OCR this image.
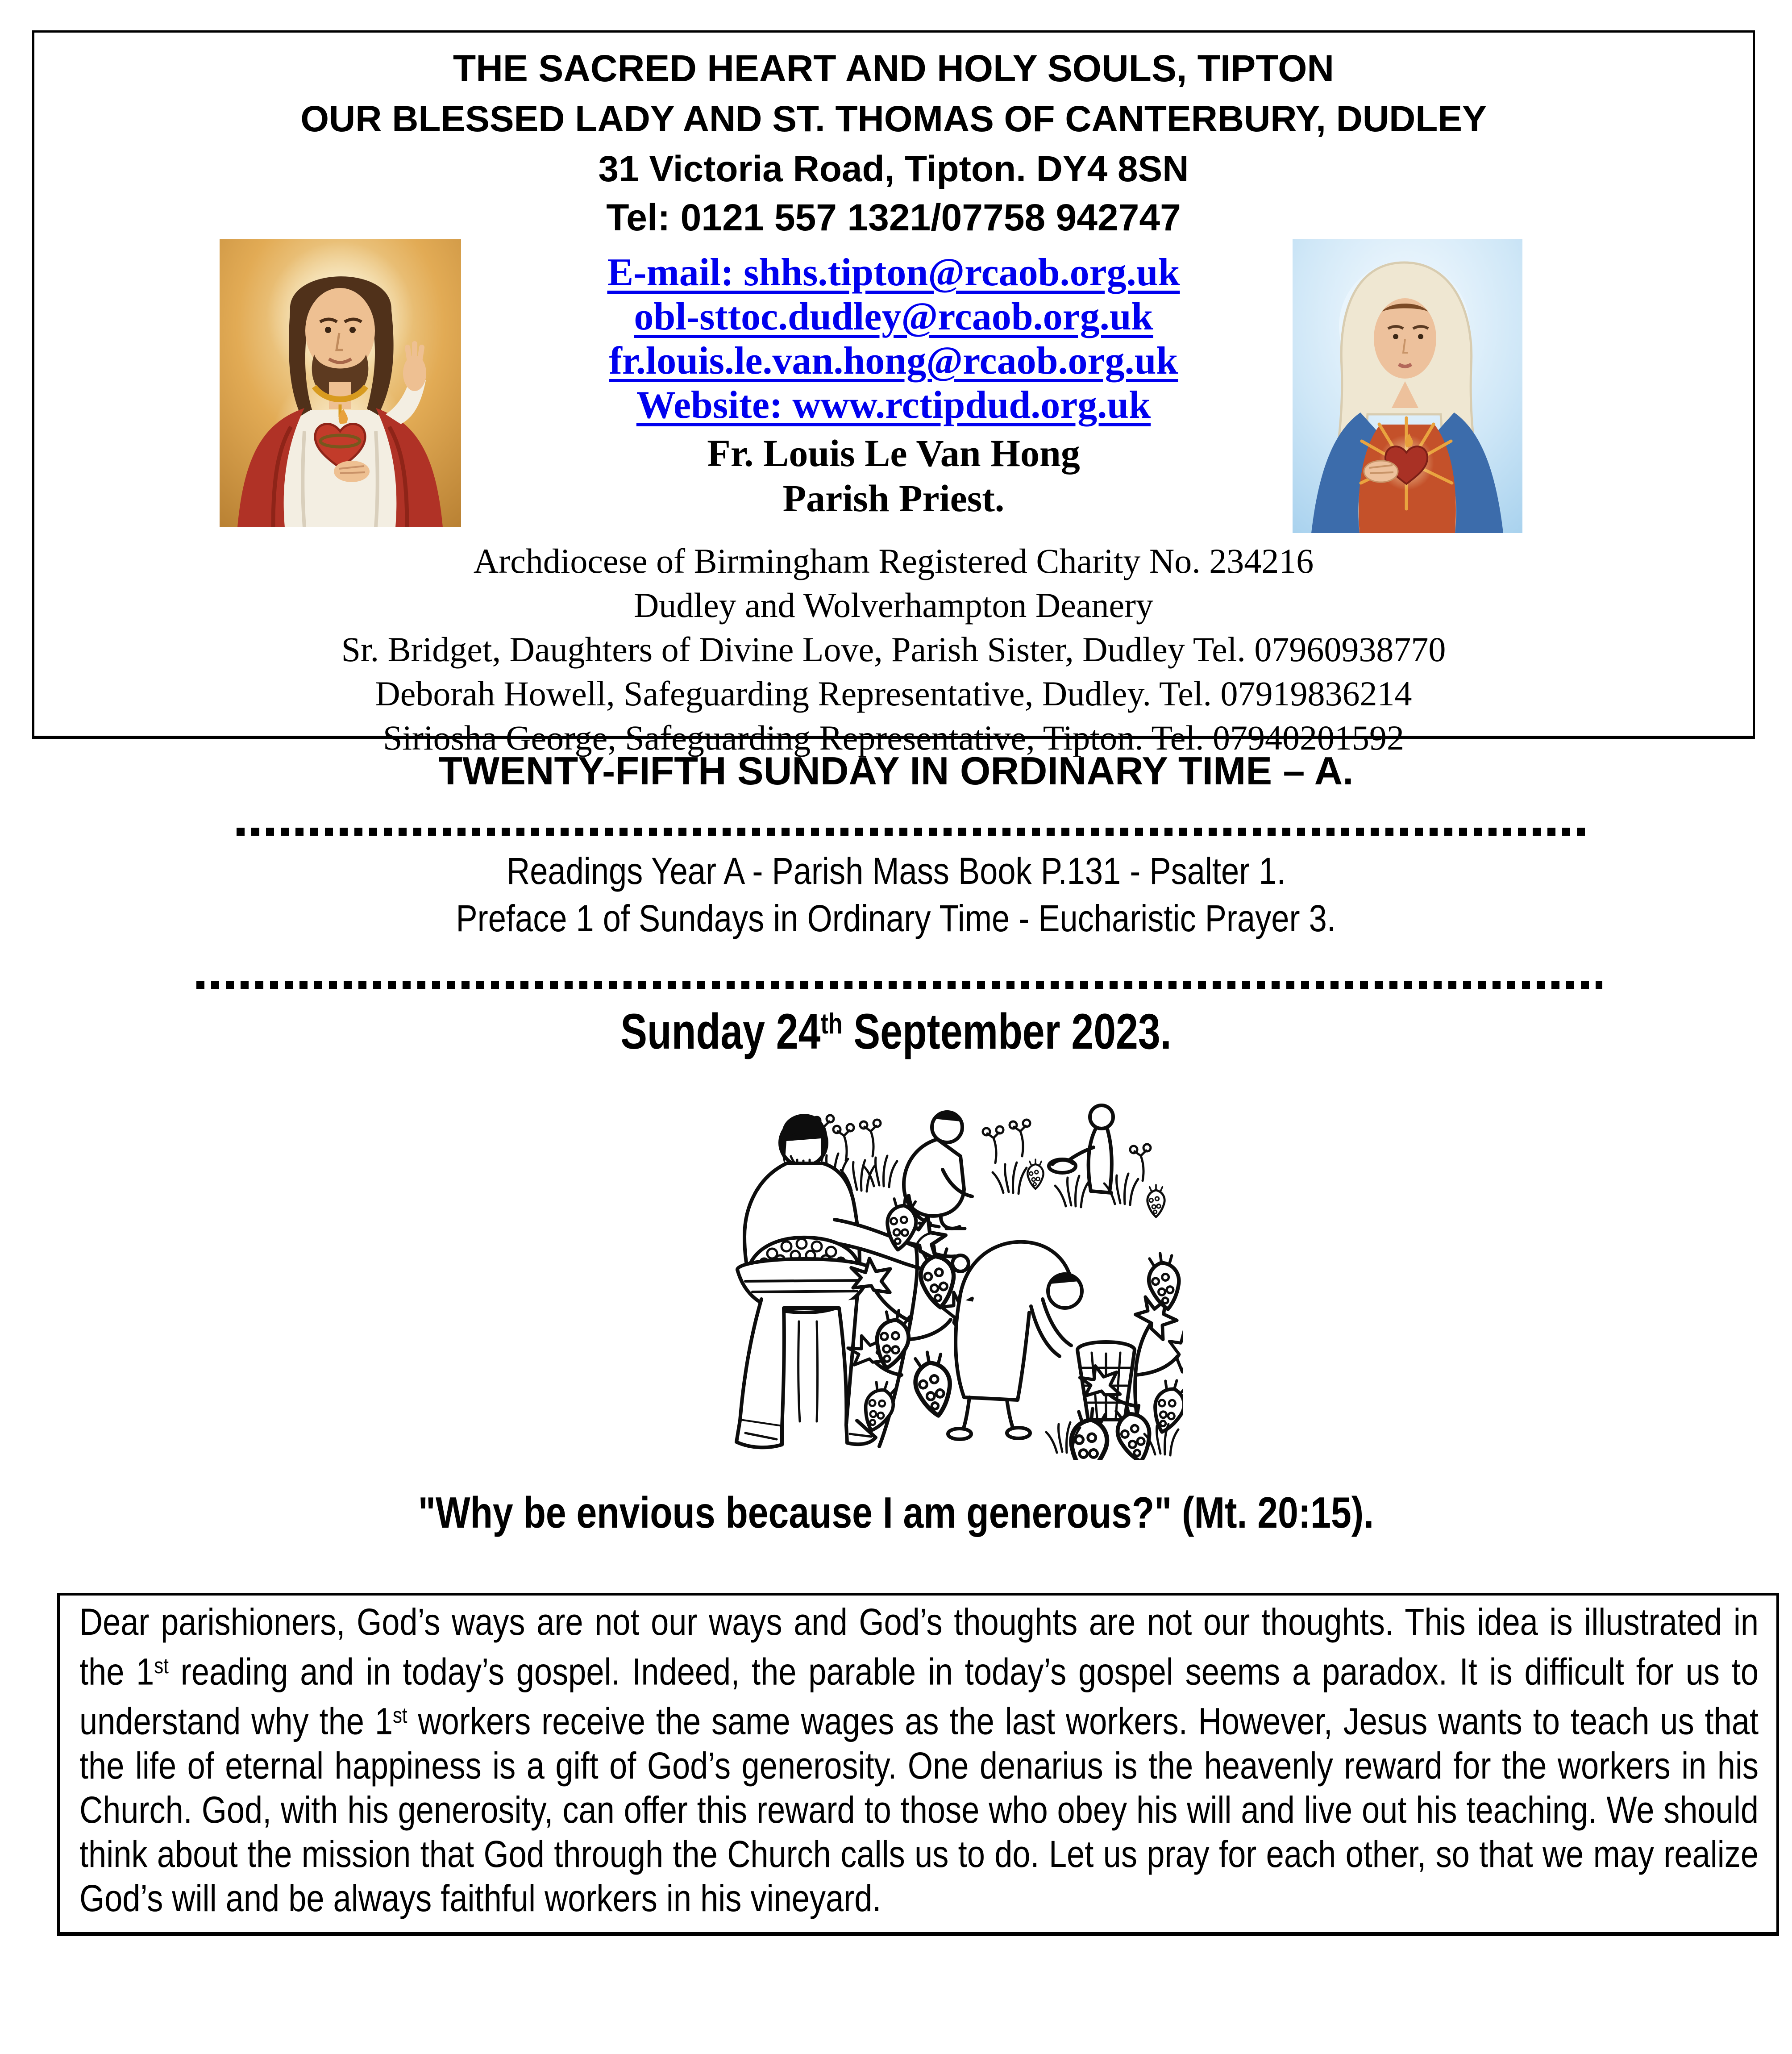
THE SACRED HEART AND HOLY SOULS, TIPTON
OUR BLESSED LADY AND ST. THOMAS OF CANTERBURY, DUDLEY
31 Victoria Road, Tipton. DY4 8SN
Tel: 0121 557 1321/07758 942747
E-mail: shhs.tipton@rcaob.org.uk
obl-sttoc.dudley@rcaob.org.uk
fr.louis.le.van.hong@rcaob.org.uk
Website: www.rctipdud.org.uk
Fr. Louis Le Van Hong
Parish Priest.
Archdiocese of Birmingham Registered Charity No. 234216
Dudley and Wolverhampton Deanery
Sr. Bridget, Daughters of Divine Love, Parish Sister, Dudley Tel. 07960938770
Deborah Howell, Safeguarding Representative, Dudley. Tel. 07919836214
Siriosha George, Safeguarding Representative, Tipton. Tel. 07940201592
TWENTY-FIFTH SUNDAY IN ORDINARY TIME – A.
Readings Year A - Parish Mass Book P.131 - Psalter 1.
Preface 1 of Sundays in Ordinary Time - Eucharistic Prayer 3.
Sunday 24th September 2023.
"Why be envious because I am generous?" (Mt. 20:15).
Dear parishioners, God’s ways are not our ways and God’s thoughts are not our thoughts. This idea is illustrated in the 1st reading and in today’s gospel. Indeed, the parable in today’s gospel seems a paradox. It is difficult for us to understand why the 1st workers receive the same wages as the last workers. However, Jesus wants to teach us that the life of eternal happiness is a gift of God’s generosity. One denarius is the heavenly reward for the workers in his Church. God, with his generosity, can offer this reward to those who obey his will and live out his teaching. We should think about the mission that God through the Church calls us to do. Let us pray for each other, so that we may realize God’s will and be always faithful workers in his vineyard.
